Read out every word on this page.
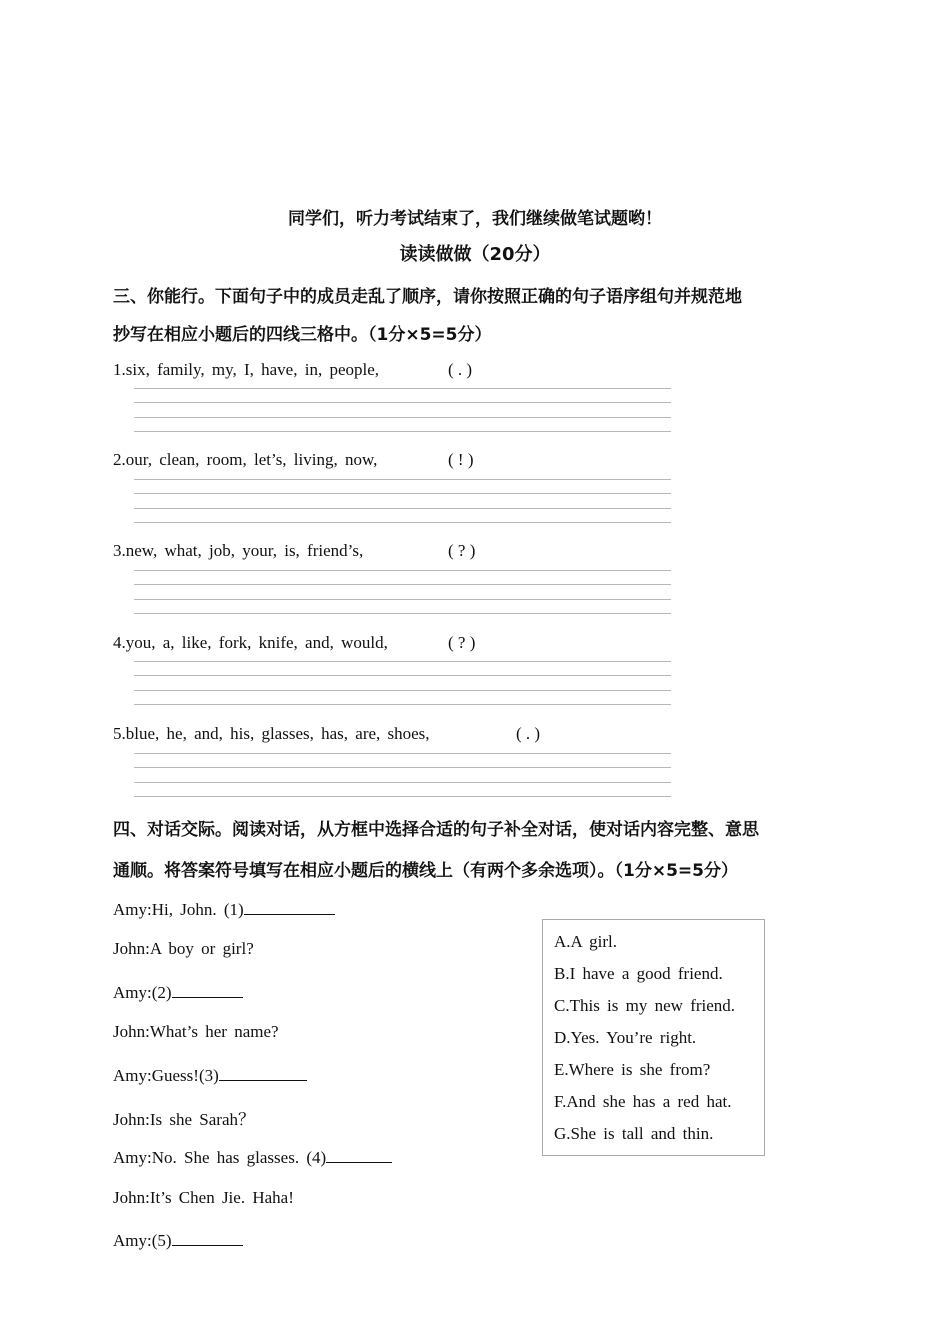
同学们，听力考试结束了，我们继续做笔试题哟！
读读做做（20分）
三、你能行。下面句子中的成员走乱了顺序，请你按照正确的句子语序组句并规范地
抄写在相应小题后的四线三格中。（1分×5=5分）
1.six, family, my, I, have, in, people,	( . )
2.our, clean, room, let’s, living, now,	( ! )
3.new, what, job, your, is, friend’s,	( ? )
4.you, a, like, fork, knife, and, would,	( ? )
5.blue, he, and, his, glasses, has, are, shoes,	( . )
四、对话交际。阅读对话，从方框中选择合适的句子补全对话，使对话内容完整、意思
通顺。将答案符号填写在相应小题后的横线上（有两个多余选项）。（1分×5=5分）
Amy:Hi, John. (1)
John:A boy or girl?
Amy:(2)
John:What’s her name?
Amy:Guess!(3)
John:Is she Sarah？
Amy:No. She has glasses. (4)
John:It’s Chen Jie. Haha!
Amy:(5)
A.A girl.
B.I have a good friend.
C.This is my new friend.
D.Yes. You’re right.
E.Where is she from?
F.And she has a red hat.
G.She is tall and thin.
